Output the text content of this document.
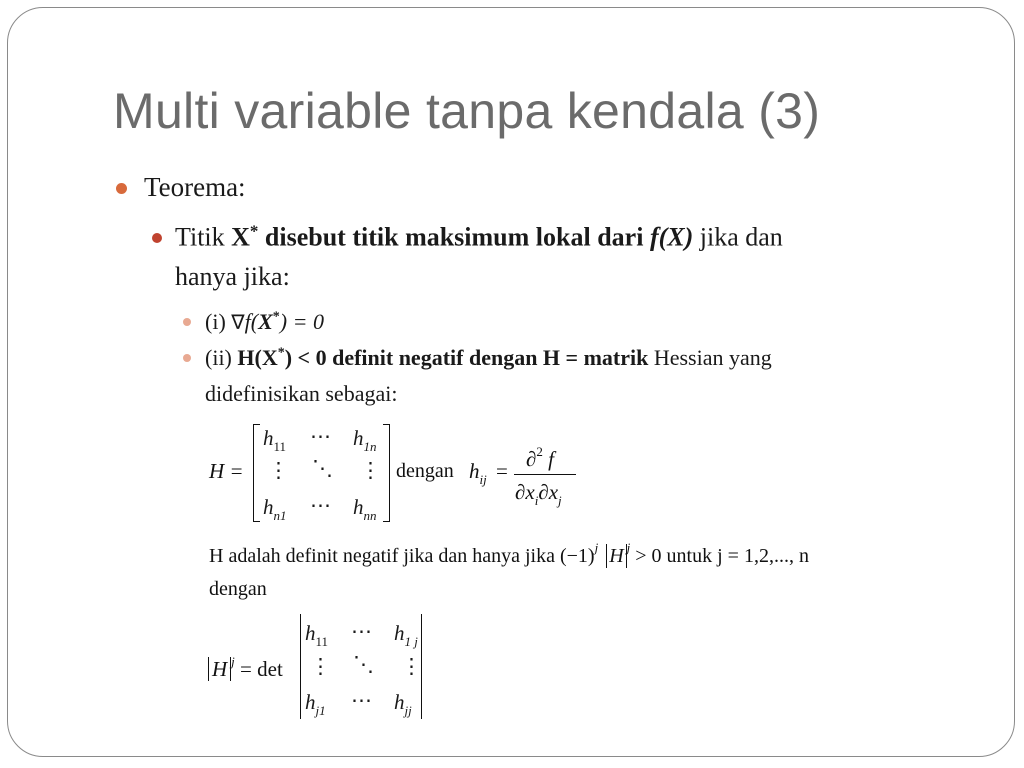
Multi variable tanpa kendala (3)
Teorema:
Titik X* disebut titik maksimum lokal dari f(X) jika dan
hanya jika:
(i) ∇f(X*) = 0
(ii) H(X*) < 0 definit negatif dengan H = matrik Hessian yang
didefinisikan sebagai:
H =
$h_{11}$ ⋯ $h_{1n}$
⋮ ⋱ ⋮
$h_{n1}$ ⋯ $h_{nn}$
dengan $h_{ij} = \partial^2$ f
$\partial x_i\partial x_j$
H adalah definit negatif jika dan hanya jika $(-1)^j$ H $^j$ > 0 untuk j = 1,2,..., n
dengan
H $^j$ = det
$h_{11}$ ⋯ $h_{1 j}$
⋮ ⋱ ⋮
$h_{j1}$ ⋯ $h_{jj}$
